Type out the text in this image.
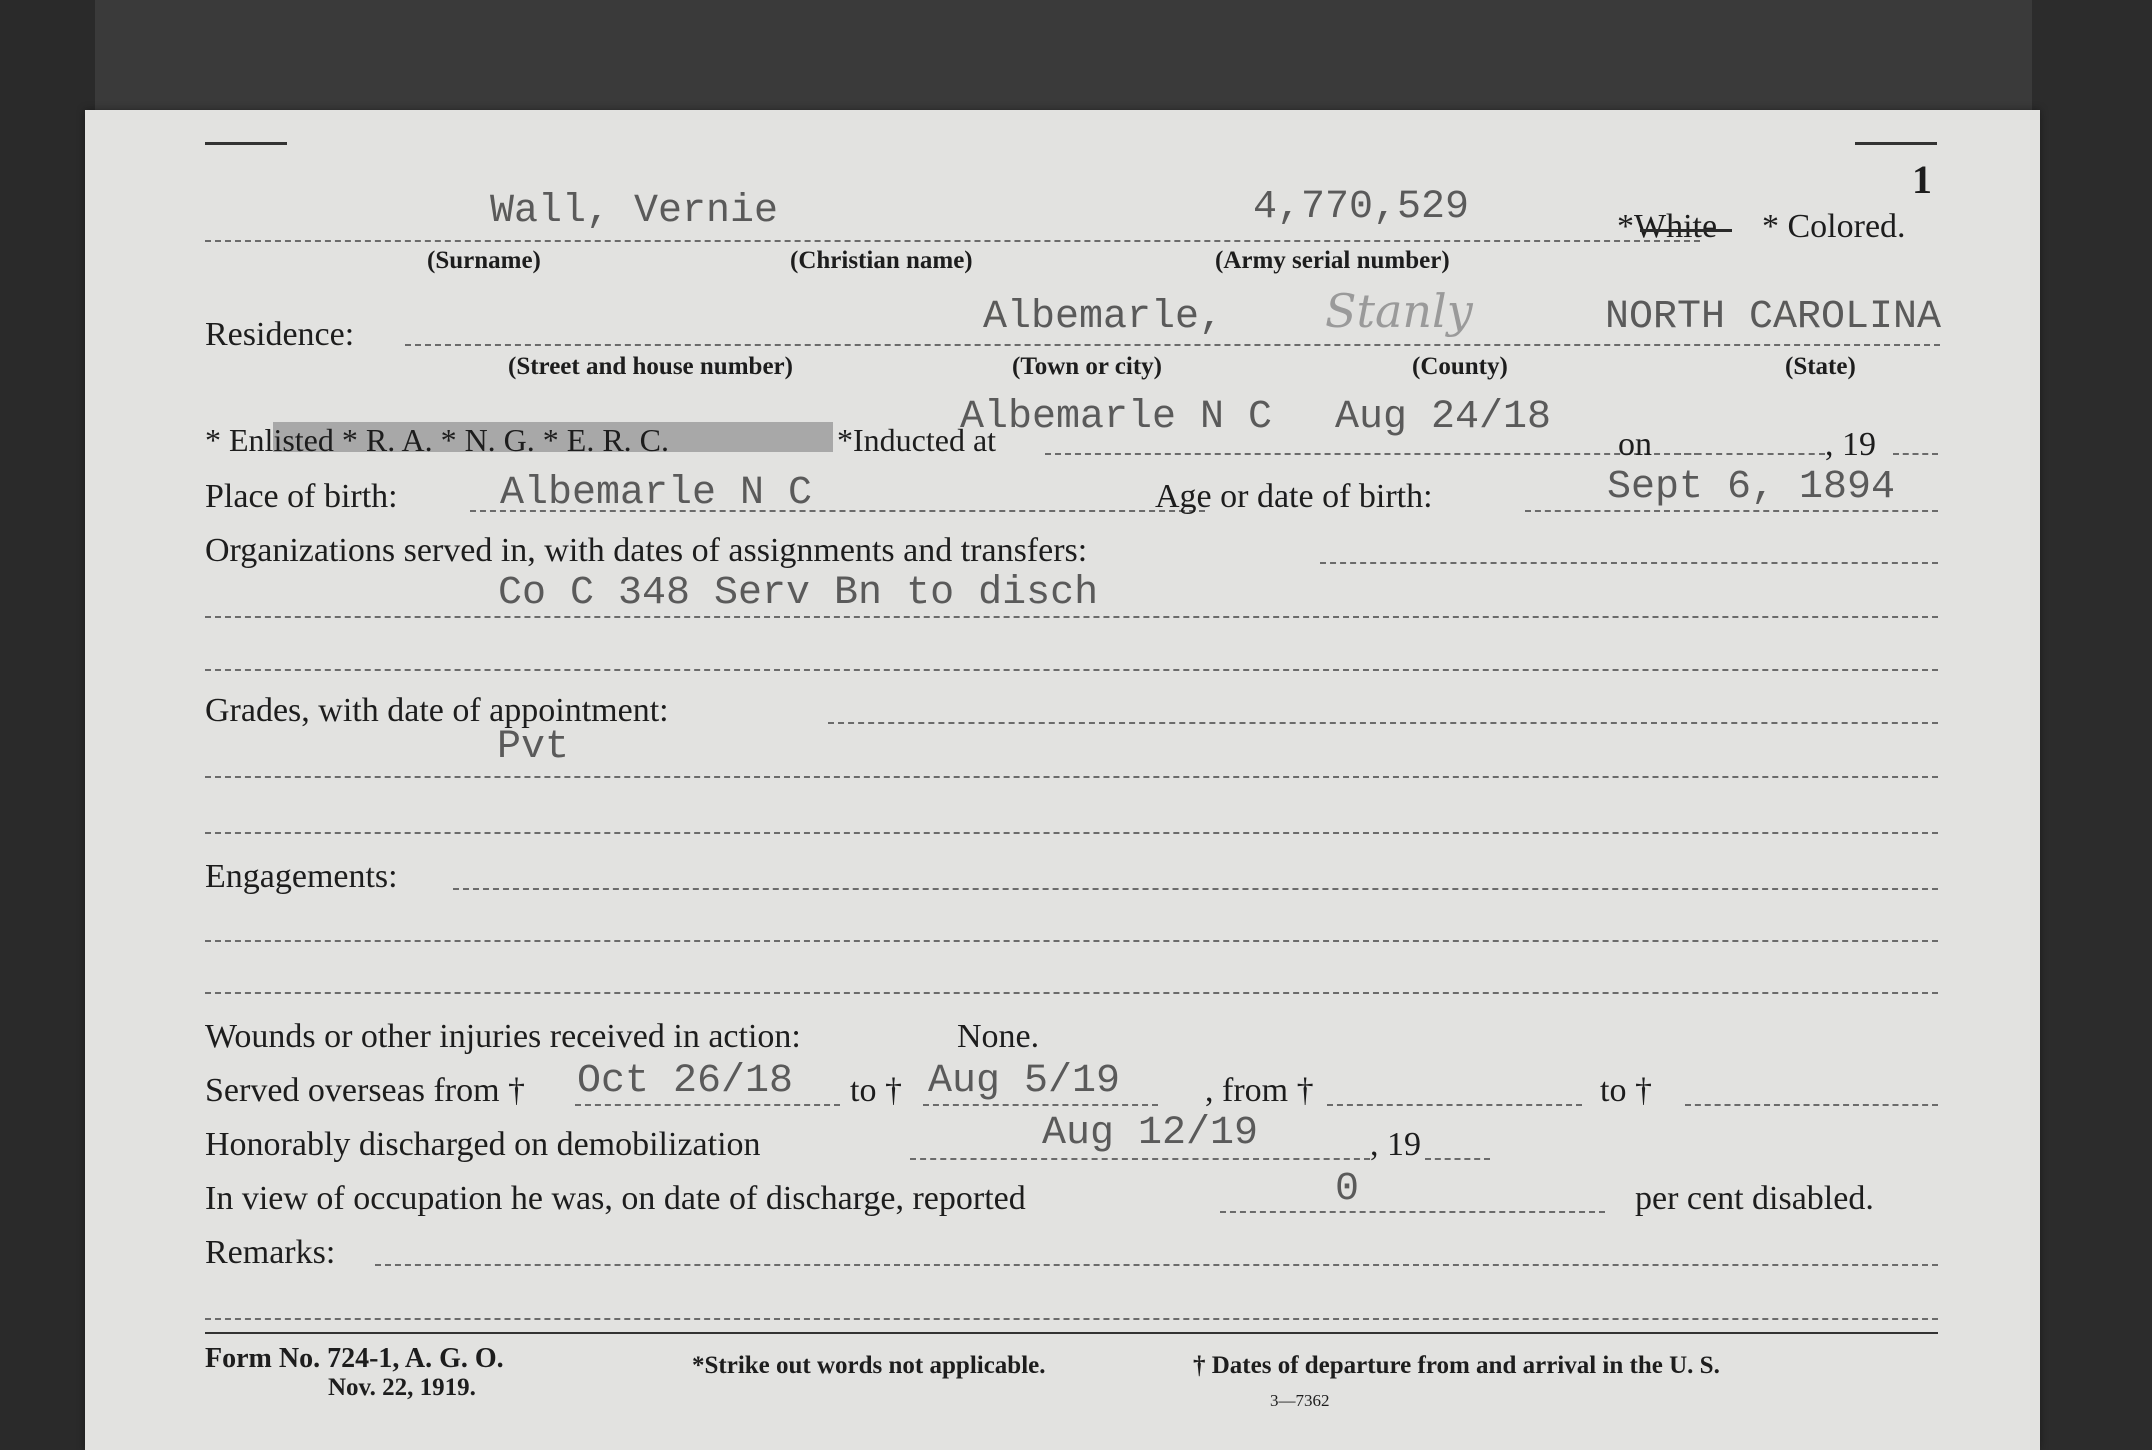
1
Wall, Vernie	4,770,529	*White * Colored.
(Surname)	(Christian name)	(Army serial number)
Residence:	Albemarle, Stanly	NORTH CAROLINA
(Street and house number)	(Town or city)	(County)	(State)
* Enlisted * R. A. * N. G. * E. R. C.	*Inducted at
Albemarle N C Aug 24/18
on	, 19
Place of birth:	Albemarle N C	Age or date of birth:	Sept 6, 1894
Organizations served in, with dates of assignments and transfers:
Co C 348 Serv Bn to disch
Grades, with date of appointment:
Pvt
Engagements:
Wounds or other injuries received in action:	None.
Served overseas from † Oct 26/18 to † Aug 5/19 , from †	to †
Honorably discharged on demobilization	Aug 12/19	, 19
In view of occupation he was, on date of discharge, reported	0	per cent disabled.
Remarks:
Form No. 724-1, A. G. O.
Nov. 22, 1919.
*Strike out words not applicable.	† Dates of departure from and arrival in the U. S.
3—7362
